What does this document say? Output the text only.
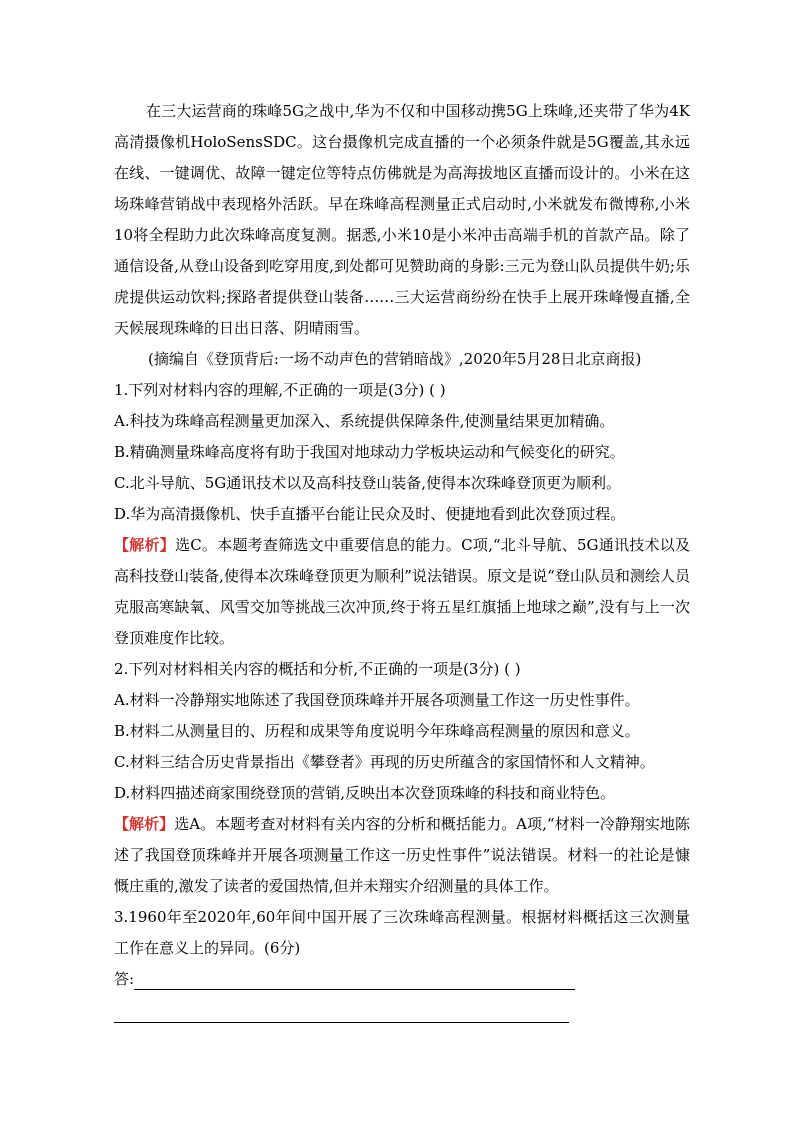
在三大运营商的珠峰5G之战中,华为不仅和中国移动携5G上珠峰,还夹带了华为4K高清摄像机HoloSensSDC。这台摄像机完成直播的一个必须条件就是5G覆盖,其永远在线、一键调优、故障一键定位等特点仿佛就是为高海拔地区直播而设计的。小米在这场珠峰营销战中表现格外活跃。早在珠峰高程测量正式启动时,小米就发布微博称,小米10将全程助力此次珠峰高度复测。据悉,小米10是小米冲击高端手机的首款产品。除了通信设备,从登山设备到吃穿用度,到处都可见赞助商的身影:三元为登山队员提供牛奶;乐虎提供运动饮料;探路者提供登山装备……三大运营商纷纷在快手上展开珠峰慢直播,全天候展现珠峰的日出日落、阴晴雨雪。

(摘编自《登顶背后:一场不动声色的营销暗战》,2020年5月28日北京商报)

1.下列对材料内容的理解,不正确的一项是(3分) ( )

A.科技为珠峰高程测量更加深入、系统提供保障条件,使测量结果更加精确。

B.精确测量珠峰高度将有助于我国对地球动力学板块运动和气候变化的研究。

C.北斗导航、5G通讯技术以及高科技登山装备,使得本次珠峰登顶更为顺利。

D.华为高清摄像机、快手直播平台能让民众及时、便捷地看到此次登顶过程。

【解析】选C。本题考查筛选文中重要信息的能力。C项,“北斗导航、5G通讯技术以及高科技登山装备,使得本次珠峰登顶更为顺利”说法错误。原文是说“登山队员和测绘人员克服高寒缺氧、风雪交加等挑战三次冲顶,终于将五星红旗插上地球之巅”,没有与上一次登顶难度作比较。

2.下列对材料相关内容的概括和分析,不正确的一项是(3分) ( )

A.材料一冷静翔实地陈述了我国登顶珠峰并开展各项测量工作这一历史性事件。

B.材料二从测量目的、历程和成果等角度说明今年珠峰高程测量的原因和意义。

C.材料三结合历史背景指出《攀登者》再现的历史所蕴含的家国情怀和人文精神。

D.材料四描述商家围绕登顶的营销,反映出本次登顶珠峰的科技和商业特色。

【解析】选A。本题考查对材料有关内容的分析和概括能力。A项,“材料一冷静翔实地陈述了我国登顶珠峰并开展各项测量工作这一历史性事件”说法错误。材料一的社论是慷慨庄重的,激发了读者的爱国热情,但并未翔实介绍测量的具体工作。

3.1960年至2020年,60年间中国开展了三次珠峰高程测量。根据材料概括这三次测量工作在意义上的异同。(6分)

答:
